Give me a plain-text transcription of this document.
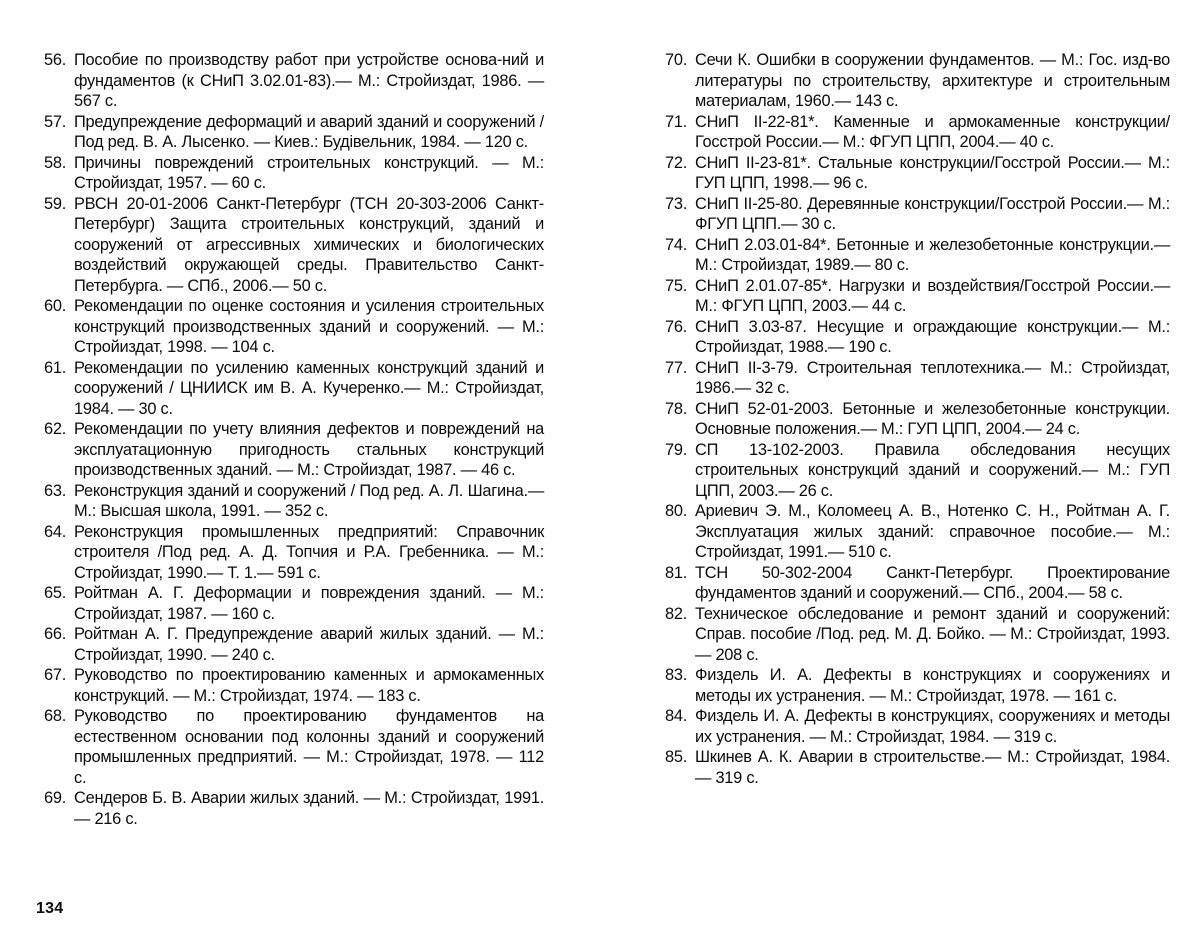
56. Пособие по производству работ при устройстве основа-ний и фундаментов (к СНиП 3.02.01-83).— М.: Стройиздат, 1986. — 567 с.
57. Предупреждение деформаций и аварий зданий и сооружений / Под ред. В. А. Лысенко. — Киев.: Будівельник, 1984. — 120 с.
58. Причины повреждений строительных конструкций. — М.: Стройиздат, 1957. — 60 с.
59. РВСН 20-01-2006 Санкт-Петербург (ТСН 20-303-2006 Санкт-Петербург) Защита строительных конструкций, зданий и сооружений от агрессивных химических и биологических воздействий окружающей среды. Правительство Санкт-Петербурга. — СПб., 2006.— 50 с.
60. Рекомендации по оценке состояния и усиления строительных конструкций производственных зданий и сооружений. — М.: Стройиздат, 1998. — 104 с.
61. Рекомендации по усилению каменных конструкций зданий и сооружений / ЦНИИСК им В. А. Кучеренко.— М.: Стройиздат, 1984. — 30 с.
62. Рекомендации по учету влияния дефектов и повреждений на эксплуатационную пригодность стальных конструкций производственных зданий. — М.: Стройиздат, 1987. — 46 с.
63. Реконструкция зданий и сооружений / Под ред. А. Л. Шагина.— М.: Высшая школа, 1991. — 352 с.
64. Реконструкция промышленных предприятий: Справочник строителя /Под ред. А. Д. Топчия и Р.А. Гребенника. — М.: Стройиздат, 1990.— Т. 1.— 591 с.
65. Ройтман А. Г. Деформации и повреждения зданий. — М.: Стройиздат, 1987. — 160 с.
66. Ройтман А. Г. Предупреждение аварий жилых зданий. — М.: Стройиздат, 1990. — 240 с.
67. Руководство по проектированию каменных и армокаменных конструкций. — М.: Стройиздат, 1974. — 183 с.
68. Руководство по проектированию фундаментов на естественном основании под колонны зданий и сооружений промышленных предприятий. — М.: Стройиздат, 1978. — 112 с.
69. Сендеров Б. В. Аварии жилых зданий. — М.: Стройиздат, 1991. — 216 с.
70. Сечи К. Ошибки в сооружении фундаментов. — М.: Гос. изд-во литературы по строительству, архитектуре и строительным материалам, 1960.— 143 с.
71. СНиП II-22-81*. Каменные и армокаменные конструкции/ Госстрой России.— М.: ФГУП ЦПП, 2004.— 40 с.
72. СНиП II-23-81*. Стальные конструкции/Госстрой России.— М.: ГУП ЦПП, 1998.— 96 с.
73. СНиП II-25-80. Деревянные конструкции/Госстрой России.— М.: ФГУП ЦПП.— 30 с.
74. СНиП 2.03.01-84*. Бетонные и железобетонные конструкции.— М.: Стройиздат, 1989.— 80 с.
75. СНиП 2.01.07-85*. Нагрузки и воздействия/Госстрой России.— М.: ФГУП ЦПП, 2003.— 44 с.
76. СНиП 3.03-87. Несущие и ограждающие конструкции.— М.: Стройиздат, 1988.— 190 с.
77. СНиП II-3-79. Строительная теплотехника.— М.: Стройиздат, 1986.— 32 с.
78. СНиП 52-01-2003. Бетонные и железобетонные конструкции. Основные положения.— М.: ГУП ЦПП, 2004.— 24 с.
79. СП 13-102-2003. Правила обследования несущих строительных конструкций зданий и сооружений.— М.: ГУП ЦПП, 2003.— 26 с.
80. Ариевич Э. М., Коломеец А. В., Нотенко С. Н., Ройтман А. Г. Эксплуатация жилых зданий: справочное пособие.— М.: Стройиздат, 1991.— 510 с.
81. ТСН 50-302-2004 Санкт-Петербург. Проектирование фундаментов зданий и сооружений.— СПб., 2004.— 58 с.
82. Техническое обследование и ремонт зданий и сооружений: Справ. пособие /Под. ред. М. Д. Бойко. — М.: Стройиздат, 1993. — 208 с.
83. Физдель И. А. Дефекты в конструкциях и сооружениях и методы их устранения. — М.: Стройиздат, 1978. — 161 с.
84. Физдель И. А. Дефекты в конструкциях, сооружениях и методы их устранения. — М.: Стройиздат, 1984. — 319 с.
85. Шкинев А. К. Аварии в строительстве.— М.: Стройиздат, 1984. — 319 с.
134
